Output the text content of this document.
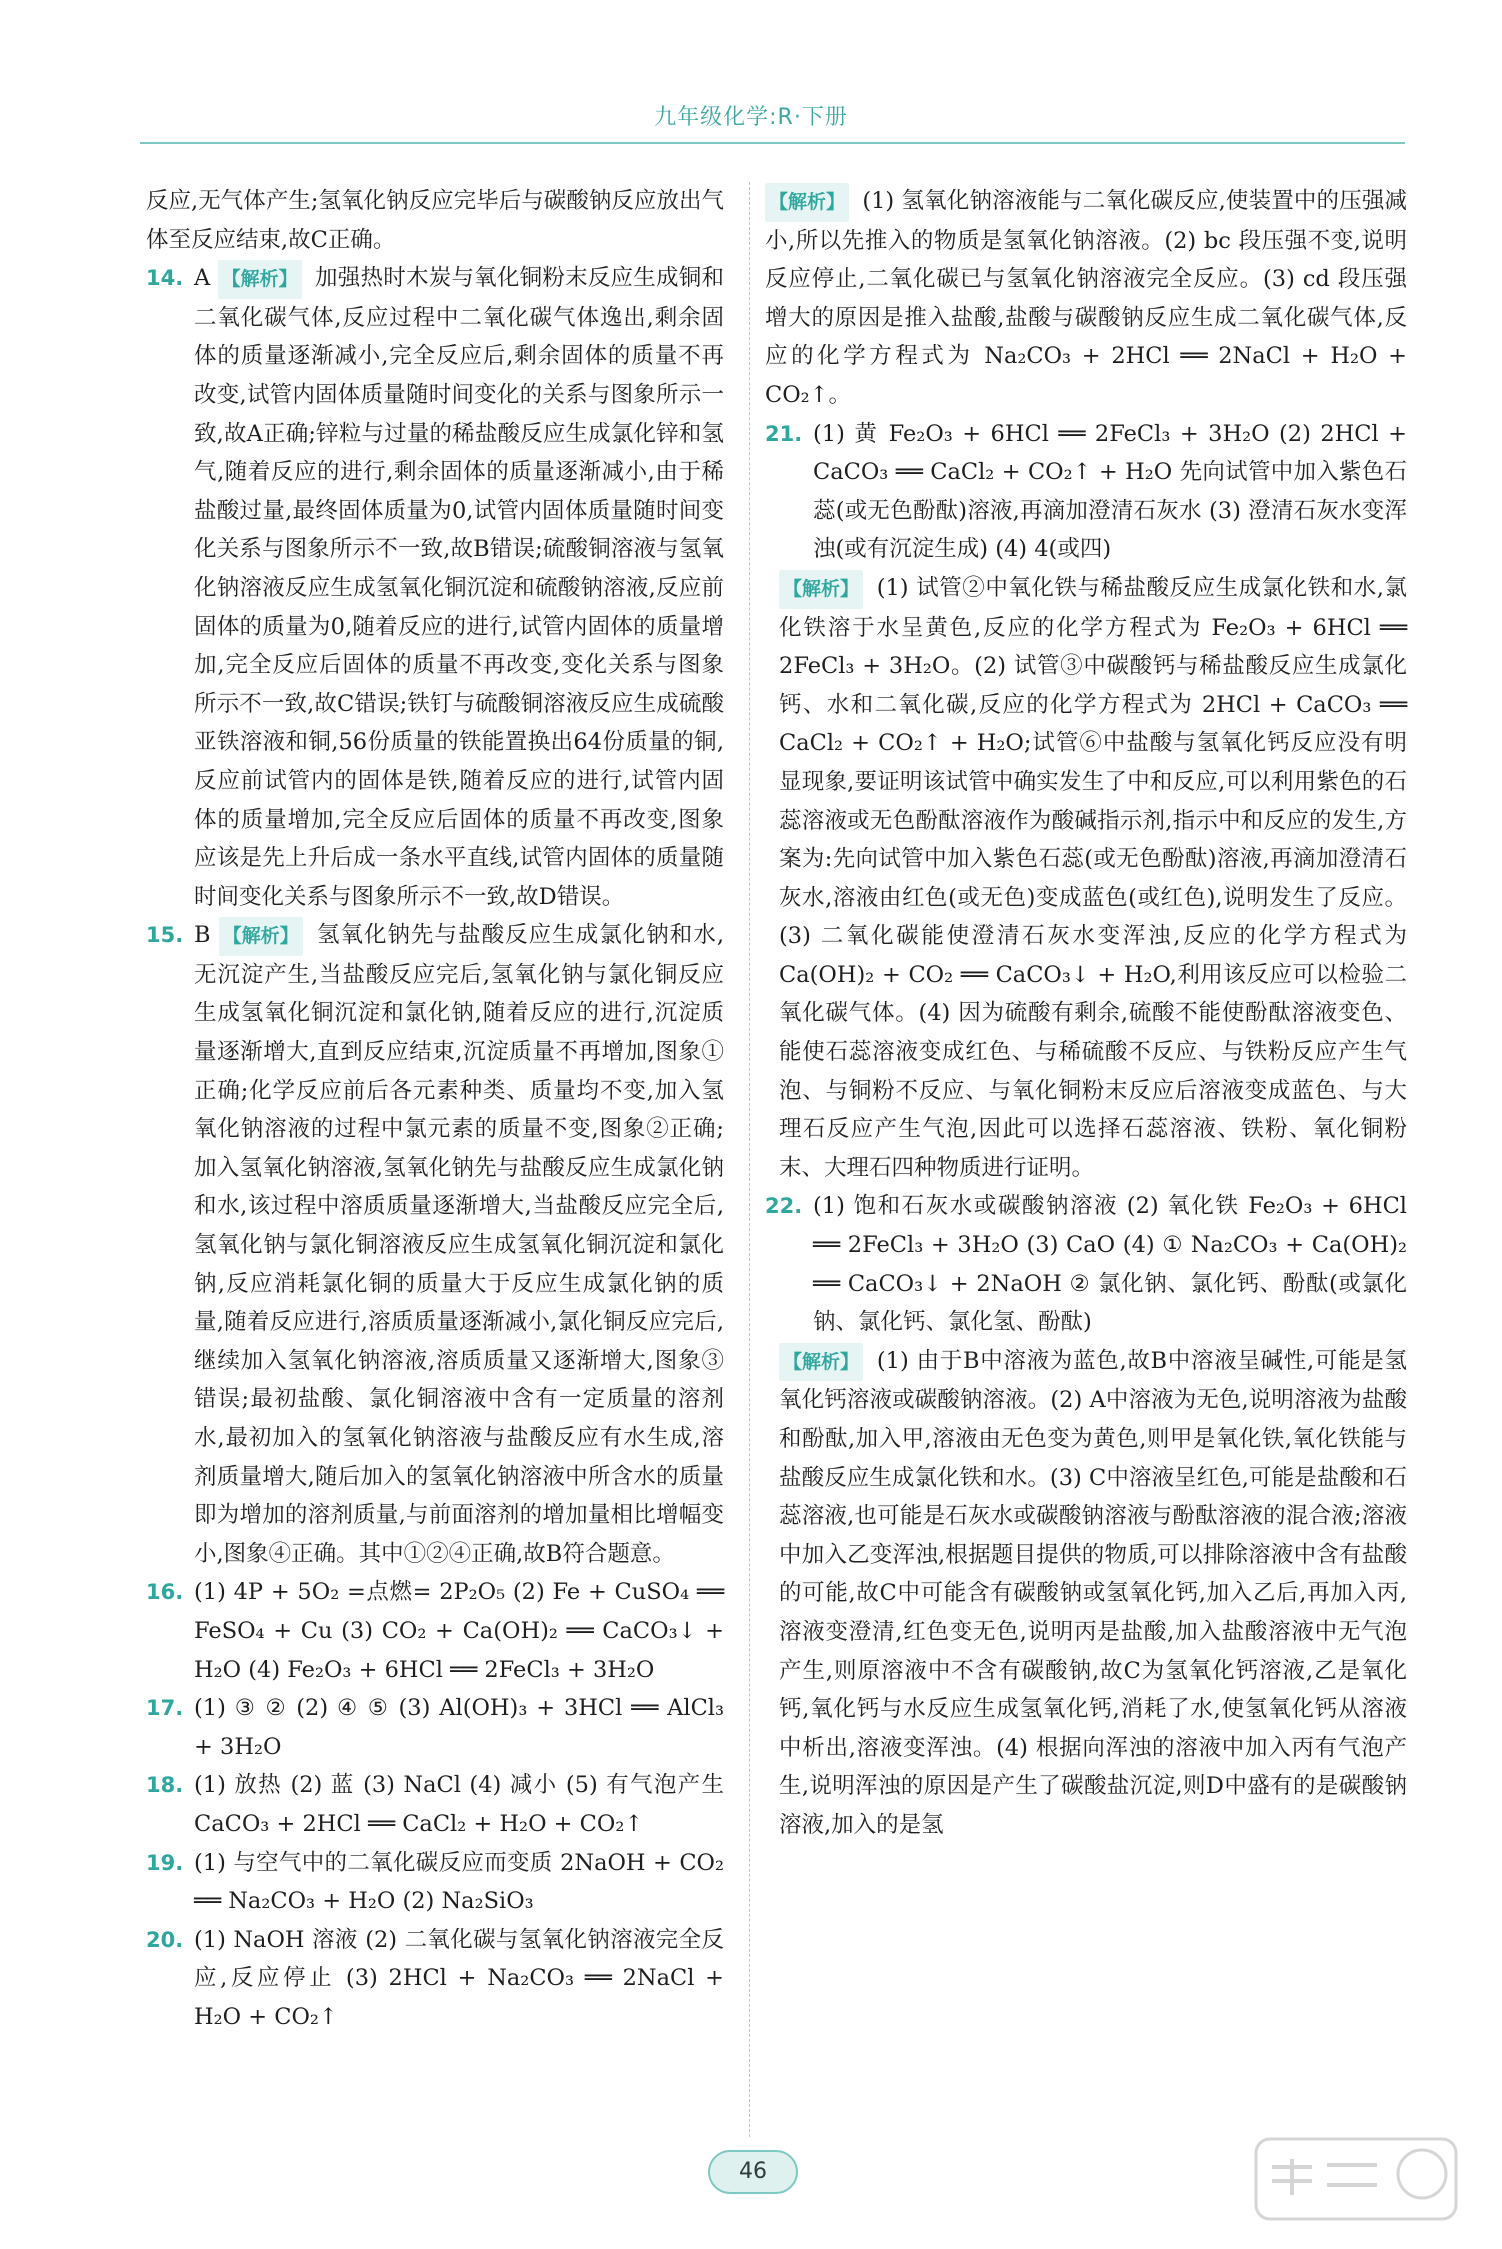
九年级化学:R·下册

反应,无气体产生;氢氧化钠反应完毕后与碳酸钠反应放出气体至反应结束,故C正确。

14. A 【解析】 加强热时木炭与氧化铜粉末反应生成铜和二氧化碳气体,反应过程中二氧化碳气体逸出,剩余固体的质量逐渐减小,完全反应后,剩余固体的质量不再改变,试管内固体质量随时间变化的关系与图象所示一致,故A正确;锌粒与过量的稀盐酸反应生成氯化锌和氢气,随着反应的进行,剩余固体的质量逐渐减小,由于稀盐酸过量,最终固体质量为0,试管内固体质量随时间变化关系与图象所示不一致,故B错误;硫酸铜溶液与氢氧化钠溶液反应生成氢氧化铜沉淀和硫酸钠溶液,反应前固体的质量为0,随着反应的进行,试管内固体的质量增加,完全反应后固体的质量不再改变,变化关系与图象所示不一致,故C错误;铁钉与硫酸铜溶液反应生成硫酸亚铁溶液和铜,56份质量的铁能置换出64份质量的铜,反应前试管内的固体是铁,随着反应的进行,试管内固体的质量增加,完全反应后固体的质量不再改变,图象应该是先上升后成一条水平直线,试管内固体的质量随时间变化关系与图象所示不一致,故D错误。
15. B 【解析】 氢氧化钠先与盐酸反应生成氯化钠和水,无沉淀产生,当盐酸反应完后,氢氧化钠与氯化铜反应生成氢氧化铜沉淀和氯化钠,随着反应的进行,沉淀质量逐渐增大,直到反应结束,沉淀质量不再增加,图象①正确;化学反应前后各元素种类、质量均不变,加入氢氧化钠溶液的过程中氯元素的质量不变,图象②正确;加入氢氧化钠溶液,氢氧化钠先与盐酸反应生成氯化钠和水,该过程中溶质质量逐渐增大,当盐酸反应完全后,氢氧化钠与氯化铜溶液反应生成氢氧化铜沉淀和氯化钠,反应消耗氯化铜的质量大于反应生成氯化钠的质量,随着反应进行,溶质质量逐渐减小,氯化铜反应完后,继续加入氢氧化钠溶液,溶质质量又逐渐增大,图象③错误;最初盐酸、氯化铜溶液中含有一定质量的溶剂水,最初加入的氢氧化钠溶液与盐酸反应有水生成,溶剂质量增大,随后加入的氢氧化钠溶液中所含水的质量即为增加的溶剂质量,与前面溶剂的增加量相比增幅变小,图象④正确。其中①②④正确,故B符合题意。
16. (1) 4P + 5O₂ =点燃= 2P₂O₅ (2) Fe + CuSO₄ ══ FeSO₄ + Cu (3) CO₂ + Ca(OH)₂ ══ CaCO₃↓ + H₂O (4) Fe₂O₃ + 6HCl ══ 2FeCl₃ + 3H₂O
17. (1) ③ ② (2) ④ ⑤ (3) Al(OH)₃ + 3HCl ══ AlCl₃ + 3H₂O
18. (1) 放热 (2) 蓝 (3) NaCl (4) 减小 (5) 有气泡产生 CaCO₃ + 2HCl ══ CaCl₂ + H₂O + CO₂↑
19. (1) 与空气中的二氧化碳反应而变质 2NaOH + CO₂ ══ Na₂CO₃ + H₂O (2) Na₂SiO₃
20. (1) NaOH 溶液 (2) 二氧化碳与氢氧化钠溶液完全反应,反应停止 (3) 2HCl + Na₂CO₃ ══ 2NaCl + H₂O + CO₂↑

【解析】 (1) 氢氧化钠溶液能与二氧化碳反应,使装置中的压强减小,所以先推入的物质是氢氧化钠溶液。(2) bc 段压强不变,说明反应停止,二氧化碳已与氢氧化钠溶液完全反应。(3) cd 段压强增大的原因是推入盐酸,盐酸与碳酸钠反应生成二氧化碳气体,反应的化学方程式为 Na₂CO₃ + 2HCl ══ 2NaCl + H₂O + CO₂↑。

21. (1) 黄 Fe₂O₃ + 6HCl ══ 2FeCl₃ + 3H₂O (2) 2HCl + CaCO₃ ══ CaCl₂ + CO₂↑ + H₂O 先向试管中加入紫色石蕊(或无色酚酞)溶液,再滴加澄清石灰水 (3) 澄清石灰水变浑浊(或有沉淀生成) (4) 4(或四)

【解析】 (1) 试管②中氧化铁与稀盐酸反应生成氯化铁和水,氯化铁溶于水呈黄色,反应的化学方程式为 Fe₂O₃ + 6HCl ══ 2FeCl₃ + 3H₂O。(2) 试管③中碳酸钙与稀盐酸反应生成氯化钙、水和二氧化碳,反应的化学方程式为 2HCl + CaCO₃ ══ CaCl₂ + CO₂↑ + H₂O;试管⑥中盐酸与氢氧化钙反应没有明显现象,要证明该试管中确实发生了中和反应,可以利用紫色的石蕊溶液或无色酚酞溶液作为酸碱指示剂,指示中和反应的发生,方案为:先向试管中加入紫色石蕊(或无色酚酞)溶液,再滴加澄清石灰水,溶液由红色(或无色)变成蓝色(或红色),说明发生了反应。(3) 二氧化碳能使澄清石灰水变浑浊,反应的化学方程式为 Ca(OH)₂ + CO₂ ══ CaCO₃↓ + H₂O,利用该反应可以检验二氧化碳气体。(4) 因为硫酸有剩余,硫酸不能使酚酞溶液变色、能使石蕊溶液变成红色、与稀硫酸不反应、与铁粉反应产生气泡、与铜粉不反应、与氧化铜粉末反应后溶液变成蓝色、与大理石反应产生气泡,因此可以选择石蕊溶液、铁粉、氧化铜粉末、大理石四种物质进行证明。

22. (1) 饱和石灰水或碳酸钠溶液 (2) 氧化铁 Fe₂O₃ + 6HCl ══ 2FeCl₃ + 3H₂O (3) CaO (4) ① Na₂CO₃ + Ca(OH)₂ ══ CaCO₃↓ + 2NaOH ② 氯化钠、氯化钙、酚酞(或氯化钠、氯化钙、氯化氢、酚酞)

【解析】 (1) 由于B中溶液为蓝色,故B中溶液呈碱性,可能是氢氧化钙溶液或碳酸钠溶液。(2) A中溶液为无色,说明溶液为盐酸和酚酞,加入甲,溶液由无色变为黄色,则甲是氧化铁,氧化铁能与盐酸反应生成氯化铁和水。(3) C中溶液呈红色,可能是盐酸和石蕊溶液,也可能是石灰水或碳酸钠溶液与酚酞溶液的混合液;溶液中加入乙变浑浊,根据题目提供的物质,可以排除溶液中含有盐酸的可能,故C中可能含有碳酸钠或氢氧化钙,加入乙后,再加入丙,溶液变澄清,红色变无色,说明丙是盐酸,加入盐酸溶液中无气泡产生,则原溶液中不含有碳酸钠,故C为氢氧化钙溶液,乙是氧化钙,氧化钙与水反应生成氢氧化钙,消耗了水,使氢氧化钙从溶液中析出,溶液变浑浊。(4) 根据向浑浊的溶液中加入丙有气泡产生,说明浑浊的原因是产生了碳酸盐沉淀,则D中盛有的是碳酸钠溶液,加入的是氢

46
